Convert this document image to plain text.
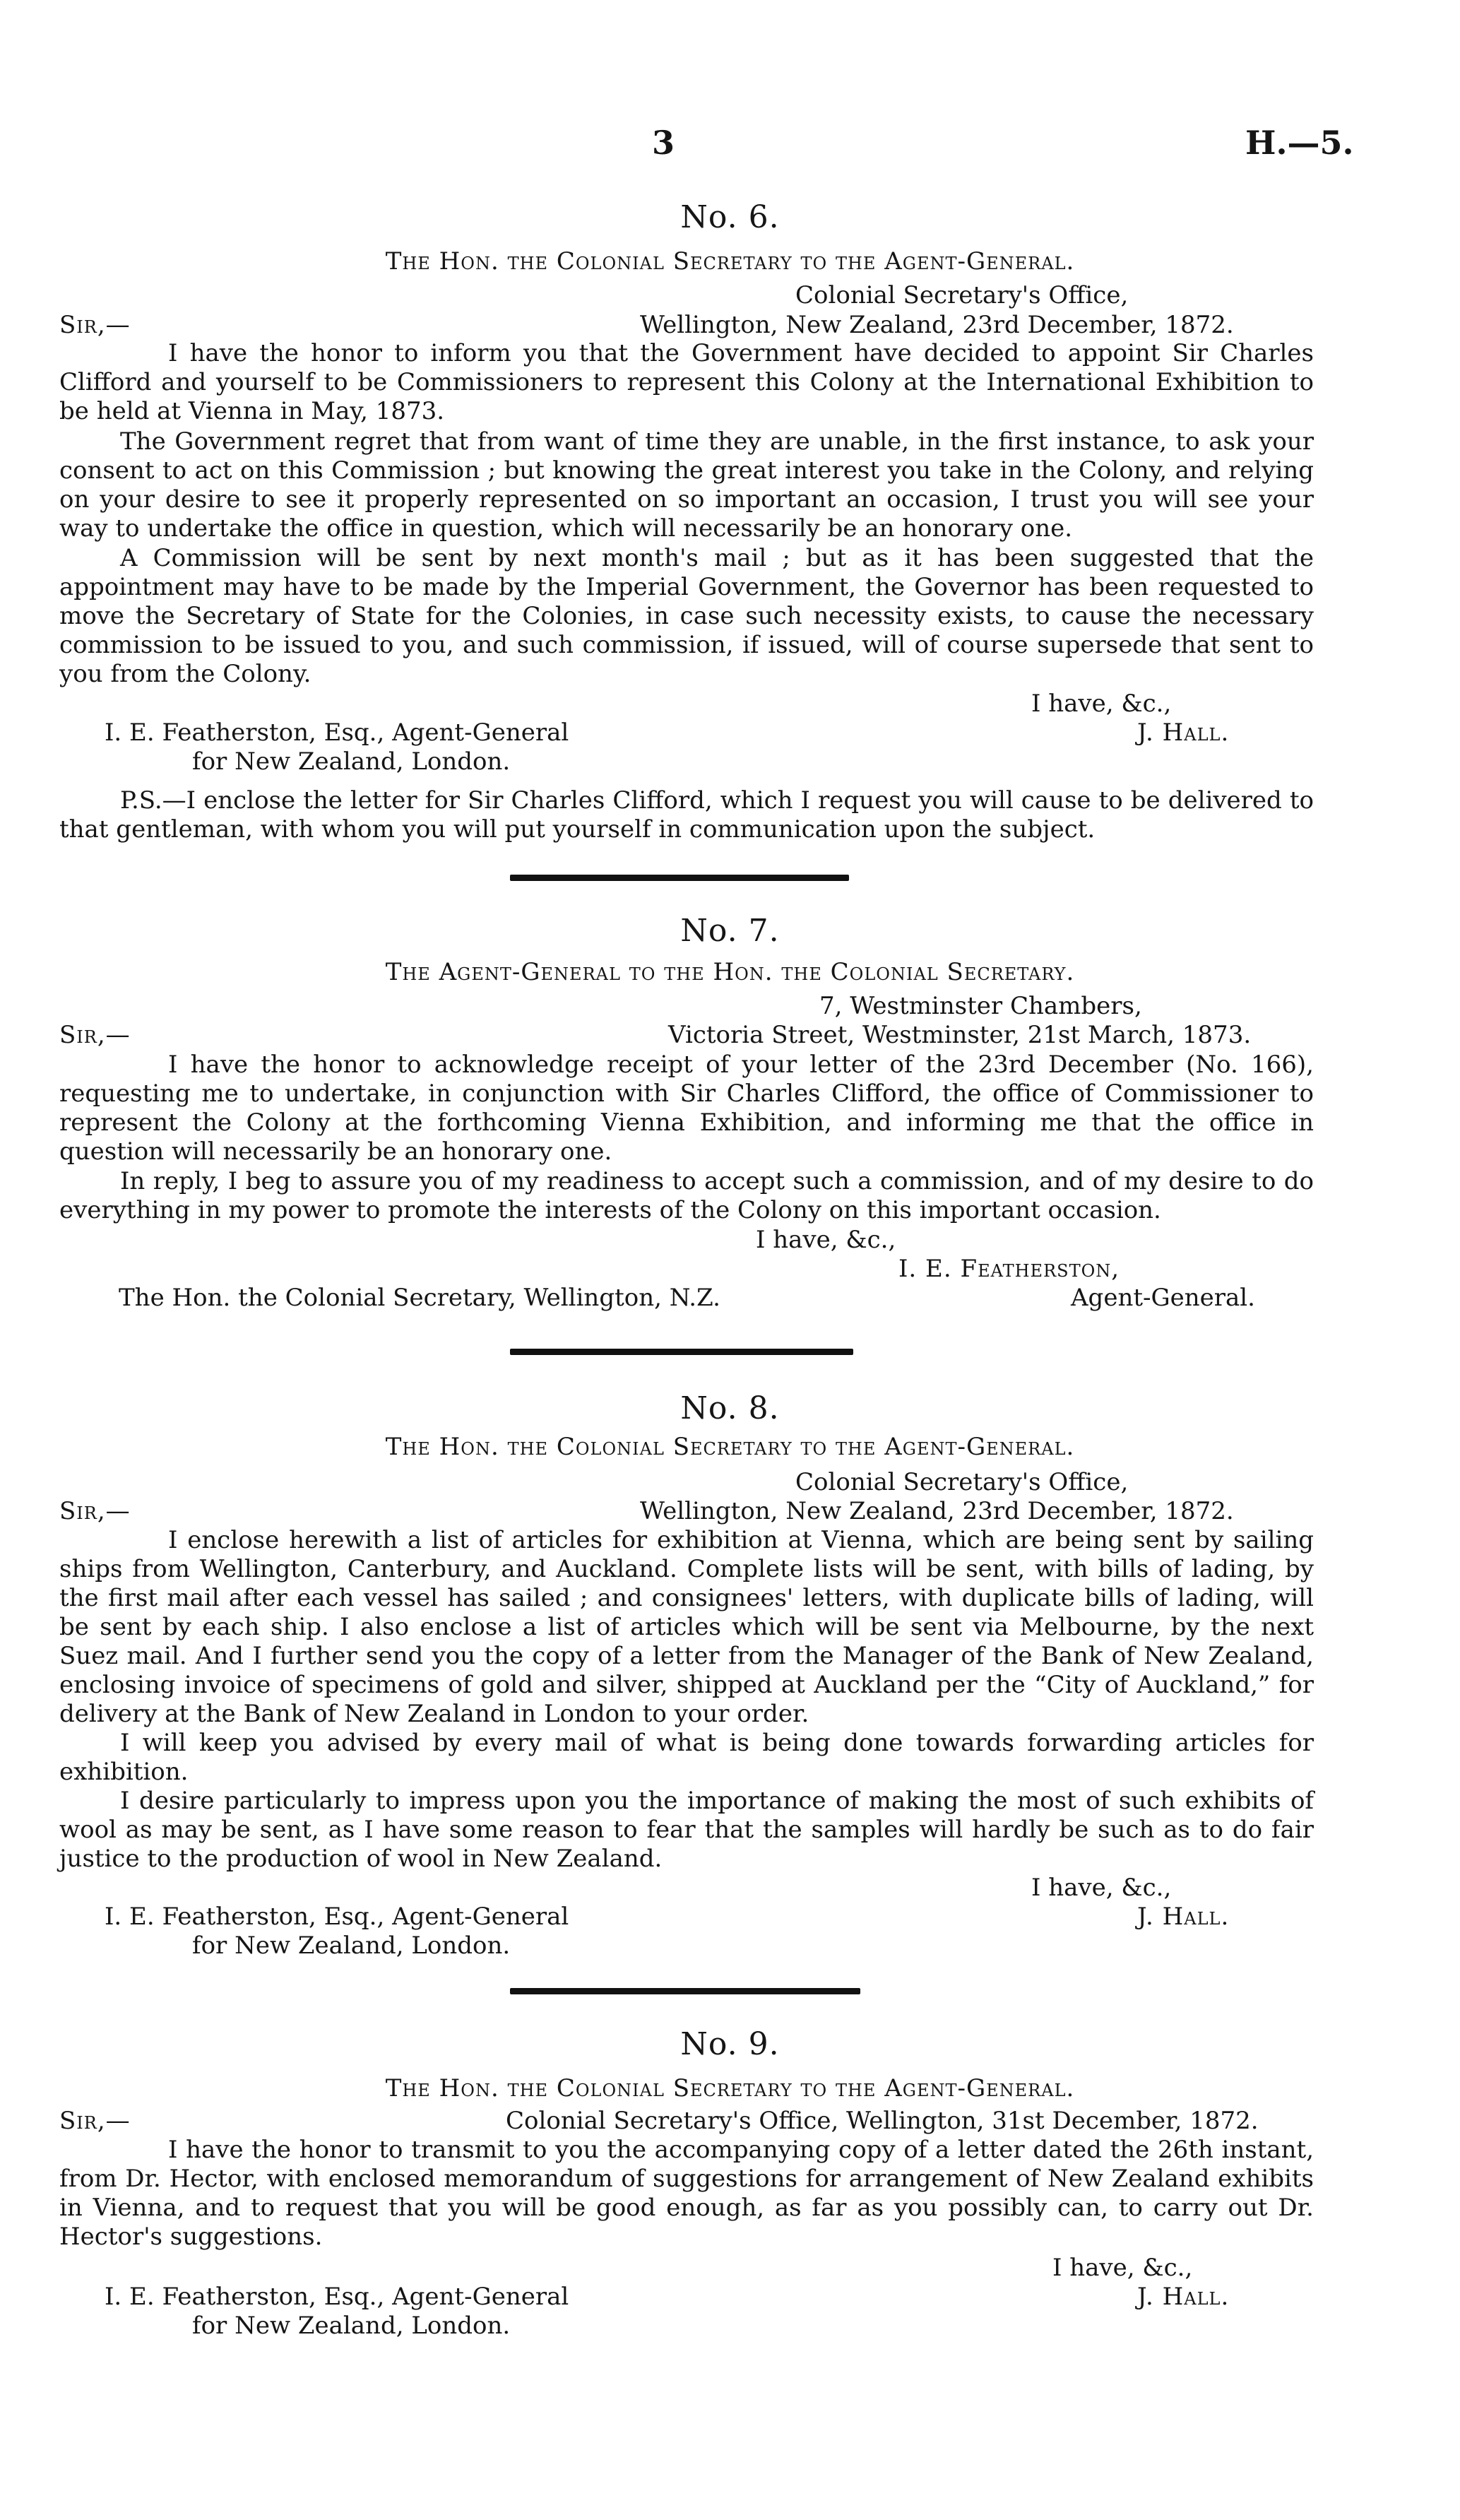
3	H.—5.
No. 6.
The Hon. the Colonial Secretary to the Agent-General.
Colonial Secretary's Office,
Sir,—	Wellington, New Zealand, 23rd December, 1872.
I have the honor to inform you that the Government have decided to appoint Sir Charles Clifford and yourself to be Commissioners to represent this Colony at the International Exhibition to be held at Vienna in May, 1873.
The Government regret that from want of time they are unable, in the first instance, to ask your consent to act on this Commission ; but knowing the great interest you take in the Colony, and relying on your desire to see it properly represented on so important an occasion, I trust you will see your way to undertake the office in question, which will necessarily be an honorary one.
A Commission will be sent by next month's mail ; but as it has been suggested that the appointment may have to be made by the Imperial Government, the Governor has been requested to move the Secretary of State for the Colonies, in case such necessity exists, to cause the necessary commission to be issued to you, and such commission, if issued, will of course supersede that sent to you from the Colony.
I have, &c.,
I. E. Featherston, Esq., Agent-General	J. Hall.
for New Zealand, London.
P.S.—I enclose the letter for Sir Charles Clifford, which I request you will cause to be delivered to that gentleman, with whom you will put yourself in communication upon the subject.
No. 7.
The Agent-General to the Hon. the Colonial Secretary.
7, Westminster Chambers,
Sir,—	Victoria Street, Westminster, 21st March, 1873.
I have the honor to acknowledge receipt of your letter of the 23rd December (No. 166), requesting me to undertake, in conjunction with Sir Charles Clifford, the office of Commissioner to represent the Colony at the forthcoming Vienna Exhibition, and informing me that the office in question will necessarily be an honorary one.
In reply, I beg to assure you of my readiness to accept such a commission, and of my desire to do everything in my power to promote the interests of the Colony on this important occasion.
I have, &c.,
I. E. Featherston,
The Hon. the Colonial Secretary, Wellington, N.Z.	Agent-General.
No. 8.
The Hon. the Colonial Secretary to the Agent-General.
Colonial Secretary's Office,
Sir,—	Wellington, New Zealand, 23rd December, 1872.
I enclose herewith a list of articles for exhibition at Vienna, which are being sent by sailing ships from Wellington, Canterbury, and Auckland. Complete lists will be sent, with bills of lading, by the first mail after each vessel has sailed ; and consignees' letters, with duplicate bills of lading, will be sent by each ship. I also enclose a list of articles which will be sent via Melbourne, by the next Suez mail. And I further send you the copy of a letter from the Manager of the Bank of New Zealand, enclosing invoice of specimens of gold and silver, shipped at Auckland per the “City of Auckland,” for delivery at the Bank of New Zealand in London to your order.
I will keep you advised by every mail of what is being done towards forwarding articles for exhibition.
I desire particularly to impress upon you the importance of making the most of such exhibits of wool as may be sent, as I have some reason to fear that the samples will hardly be such as to do fair justice to the production of wool in New Zealand.
I have, &c.,
I. E. Featherston, Esq., Agent-General	J. Hall.
for New Zealand, London.
No. 9.
The Hon. the Colonial Secretary to the Agent-General.
Sir,—	Colonial Secretary's Office, Wellington, 31st December, 1872.
I have the honor to transmit to you the accompanying copy of a letter dated the 26th instant, from Dr. Hector, with enclosed memorandum of suggestions for arrangement of New Zealand exhibits in Vienna, and to request that you will be good enough, as far as you possibly can, to carry out Dr. Hector's suggestions.
I have, &c.,
I. E. Featherston, Esq., Agent-General	J. Hall.
for New Zealand, London.
